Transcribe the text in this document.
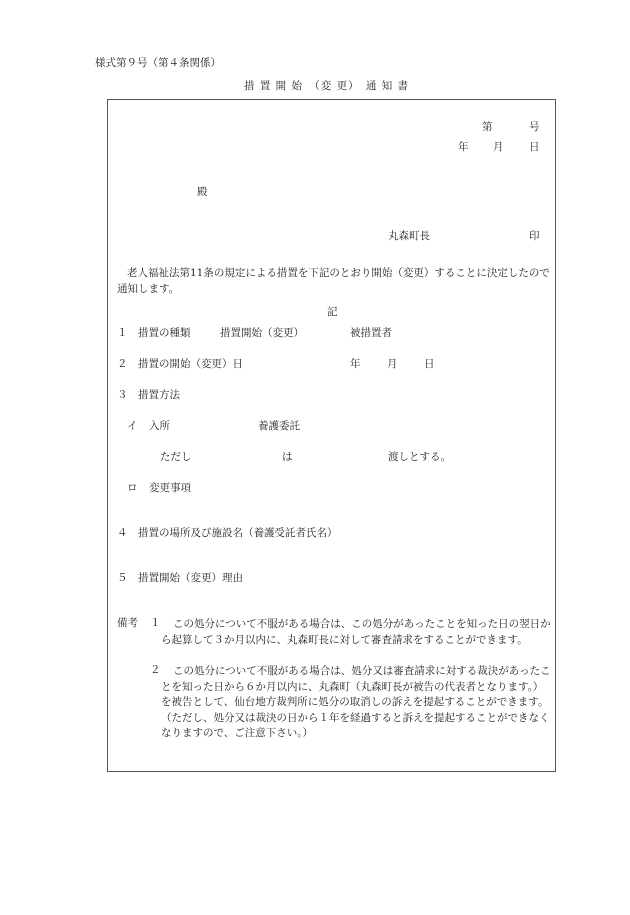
様式第９号（第４条関係）
措 置 開 始　（変 更）　通 知 書
第	号
年 月 日
殿
丸森町長	印
老人福祉法第11条の規定による措置を下記のとおり開始（変更）することに決定したので通知します。
記
１ 措置の種類	措置開始（変更）	被措置者
２ 措置の開始（変更）日	年	月	日
３ 措置方法
イ 入所	養護委託
ただし	は	渡しとする。
ロ 変更事項
４ 措置の場所及び施設名（養護受託者氏名）
５ 措置開始（変更）理由
備考 １	この処分について不服がある場合は、この処分があったことを知った日の翌日から起算して３か月以内に、丸森町長に対して審査請求をすることができます。
２	この処分について不服がある場合は、処分又は審査請求に対する裁決があったことを知った日から６か月以内に、丸森町（丸森町長が被告の代表者となります。）を被告として、仙台地方裁判所に処分の取消しの訴えを提起することができます。（ただし、処分又は裁決の日から１年を経過すると訴えを提起することができなくなりますので、ご注意下さい。）
